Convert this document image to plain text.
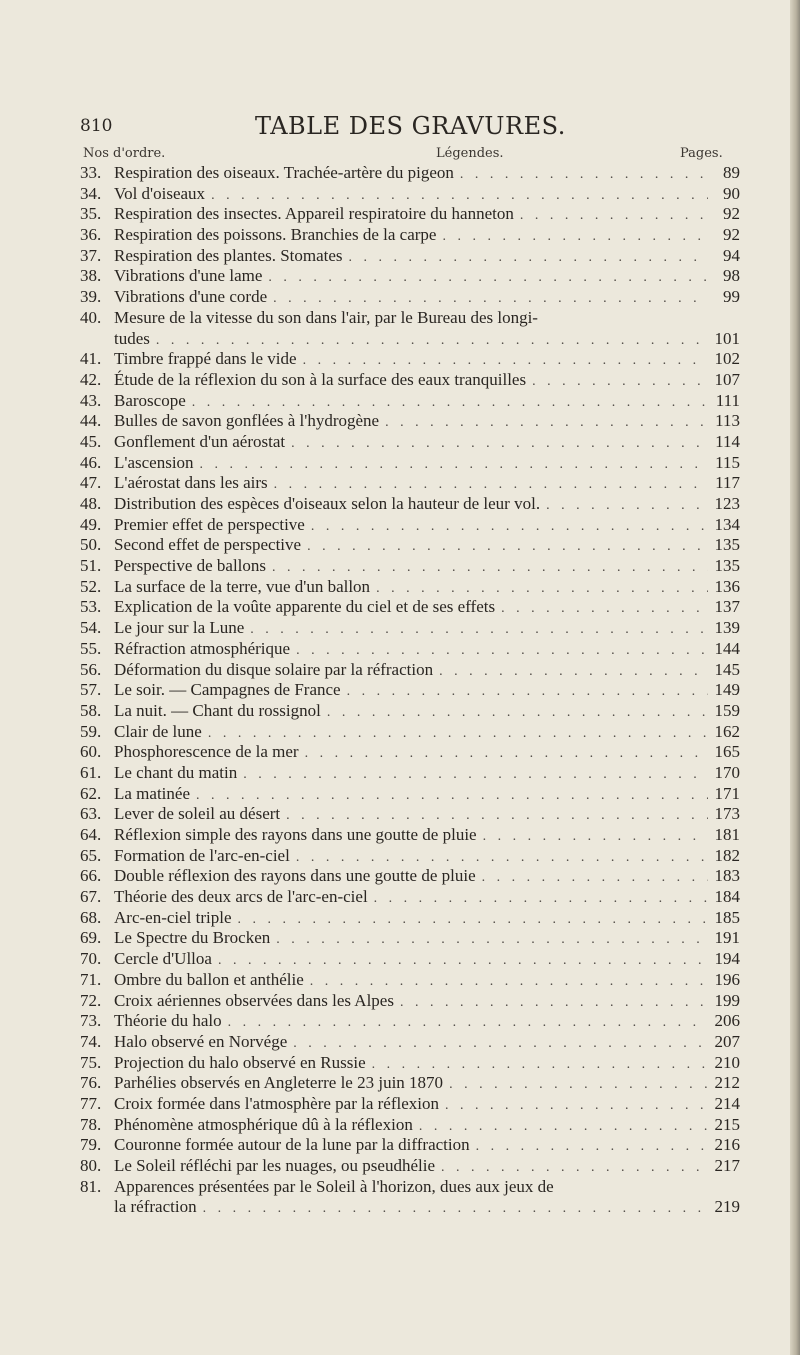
810	TABLE DES GRAVURES.
Nos d'ordre.	Légendes.	Pages.
33. Respiration des oiseaux. Trachée-artère du pigeon . . .	89
34. Vol d'oiseaux . . .	90
35. Respiration des insectes. Appareil respiratoire du hanneton . . .	92
36. Respiration des poissons. Branchies de la carpe . . .	92
37. Respiration des plantes. Stomates . . .	94
38. Vibrations d'une lame . . .	98
39. Vibrations d'une corde . . .	99
40. Mesure de la vitesse du son dans l'air, par le Bureau des longi-
tudes . . .	101
41. Timbre frappé dans le vide . . .	102
42. Étude de la réflexion du son à la surface des eaux tranquilles . . .	107
43. Baroscope . . .	111
44. Bulles de savon gonflées à l'hydrogène . . .	113
45. Gonflement d'un aérostat . . .	114
46. L'ascension . . .	115
47. L'aérostat dans les airs . . .	117
48. Distribution des espèces d'oiseaux selon la hauteur de leur vol. . . .	123
49. Premier effet de perspective . . .	134
50. Second effet de perspective . . .	135
51. Perspective de ballons . . .	135
52. La surface de la terre, vue d'un ballon . . .	136
53. Explication de la voûte apparente du ciel et de ses effets . . .	137
54. Le jour sur la Lune . . .	139
55. Réfraction atmosphérique . . .	144
56. Déformation du disque solaire par la réfraction . . .	145
57. Le soir. — Campagnes de France . . .	149
58. La nuit. — Chant du rossignol . . .	159
59. Clair de lune . . .	162
60. Phosphorescence de la mer . . .	165
61. Le chant du matin . . .	170
62. La matinée . . .	171
63. Lever de soleil au désert . . .	173
64. Réflexion simple des rayons dans une goutte de pluie . . .	181
65. Formation de l'arc-en-ciel . . .	182
66. Double réflexion des rayons dans une goutte de pluie . . .	183
67. Théorie des deux arcs de l'arc-en-ciel . . .	184
68. Arc-en-ciel triple . . .	185
69. Le Spectre du Brocken . . .	191
70. Cercle d'Ulloa . . .	194
71. Ombre du ballon et anthélie . . .	196
72. Croix aériennes observées dans les Alpes . . .	199
73. Théorie du halo . . .	206
74. Halo observé en Norvége . . .	207
75. Projection du halo observé en Russie . . .	210
76. Parhélies observés en Angleterre le 23 juin 1870 . . .	212
77. Croix formée dans l'atmosphère par la réflexion . . .	214
78. Phénomène atmosphérique dû à la réflexion . . .	215
79. Couronne formée autour de la lune par la diffraction . . .	216
80. Le Soleil réfléchi par les nuages, ou pseudhélie . . .	217
81. Apparences présentées par le Soleil à l'horizon, dues aux jeux de
la réfraction . . .	219
